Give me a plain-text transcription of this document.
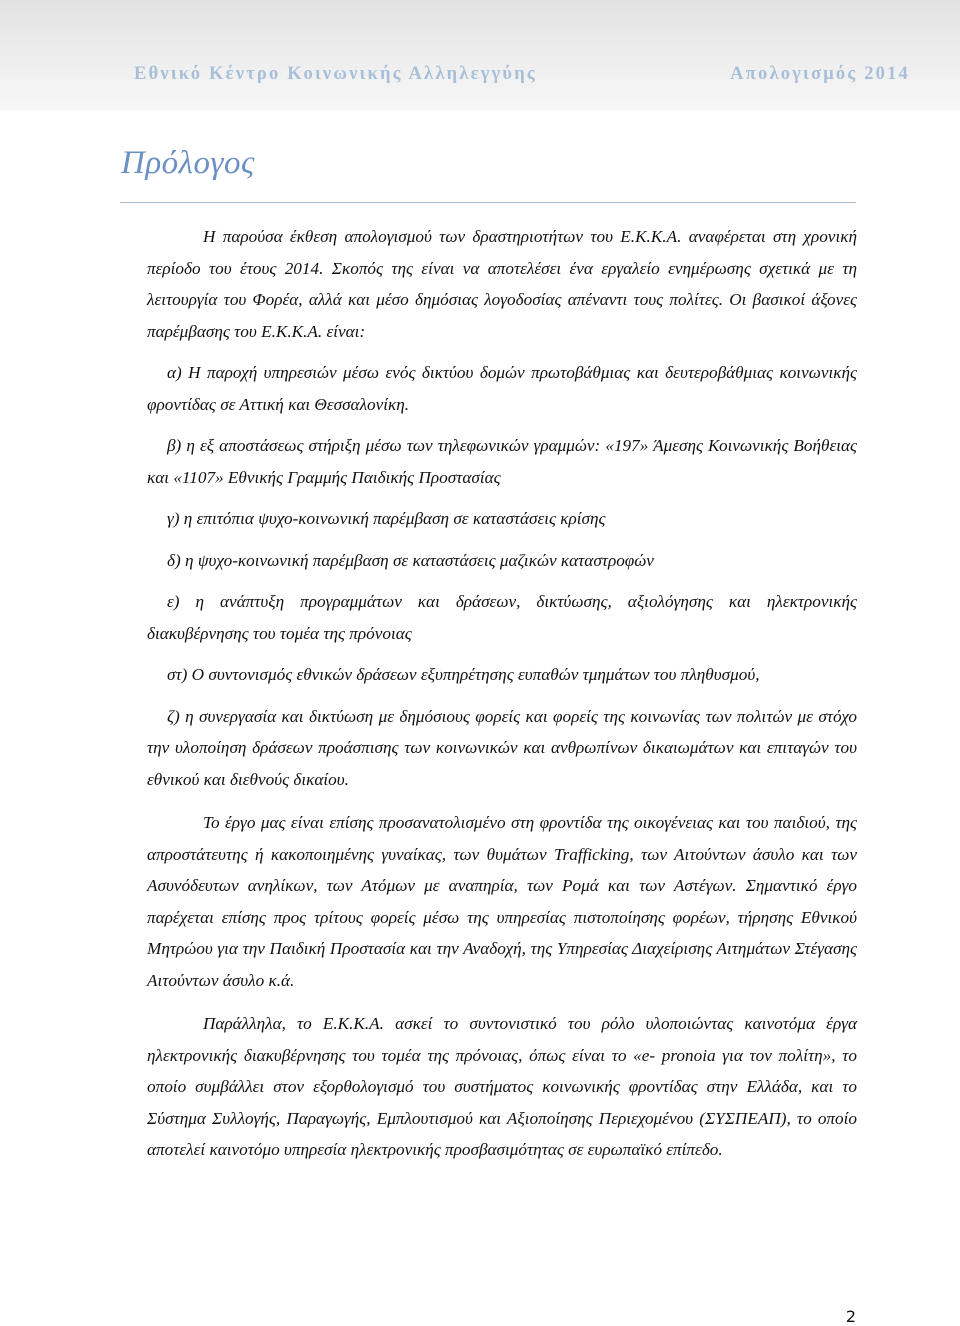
Εθνικό Κέντρο Κοινωνικής Αλληλεγγύης	Απολογισμός 2014
Πρόλογος

Η παρούσα έκθεση απολογισμού των δραστηριοτήτων του Ε.Κ.Κ.Α. αναφέρεται στη χρονική περίοδο του έτους 2014. Σκοπός της είναι να αποτελέσει ένα εργαλείο ενημέρωσης σχετικά με τη λειτουργία του Φορέα, αλλά και μέσο δημόσιας λογοδοσίας απέναντι τους πολίτες. Οι βασικοί άξονες παρέμβασης του Ε.Κ.Κ.Α. είναι:

α) Η παροχή υπηρεσιών μέσω ενός δικτύου δομών πρωτοβάθμιας και δευτεροβάθμιας κοινωνικής φροντίδας σε Αττική και Θεσσαλονίκη.

β) η εξ αποστάσεως στήριξη μέσω των τηλεφωνικών γραμμών: «197» Άμεσης Κοινωνικής Βοήθειας και «1107» Εθνικής Γραμμής Παιδικής Προστασίας

γ) η επιτόπια ψυχο-κοινωνική παρέμβαση σε καταστάσεις κρίσης

δ) η ψυχο-κοινωνική παρέμβαση σε καταστάσεις μαζικών καταστροφών

ε) η ανάπτυξη προγραμμάτων και δράσεων, δικτύωσης, αξιολόγησης και ηλεκτρονικής διακυβέρνησης του τομέα της πρόνοιας

στ) Ο συντονισμός εθνικών δράσεων εξυπηρέτησης ευπαθών τμημάτων του πληθυσμού,

ζ) η συνεργασία και δικτύωση με δημόσιους φορείς και φορείς της κοινωνίας των πολιτών με στόχο την υλοποίηση δράσεων προάσπισης των κοινωνικών και ανθρωπίνων δικαιωμάτων και επιταγών του εθνικού και διεθνούς δικαίου.

Το έργο μας είναι επίσης προσανατολισμένο στη φροντίδα της οικογένειας και του παιδιού, της απροστάτευτης ή κακοποιημένης γυναίκας, των θυμάτων Trafficking, των Αιτούντων άσυλο και των Ασυνόδευτων ανηλίκων, των Ατόμων με αναπηρία, των Ρομά και των Αστέγων. Σημαντικό έργο παρέχεται επίσης προς τρίτους φορείς μέσω της υπηρεσίας πιστοποίησης φορέων, τήρησης Εθνικού Μητρώου για την Παιδική Προστασία και την Αναδοχή, της Υπηρεσίας Διαχείρισης Αιτημάτων Στέγασης Αιτούντων άσυλο κ.ά.

Παράλληλα, το Ε.Κ.Κ.Α. ασκεί το συντονιστικό του ρόλο υλοποιώντας καινοτόμα έργα ηλεκτρονικής διακυβέρνησης του τομέα της πρόνοιας, όπως είναι το «e- pronoia για τον πολίτη», το οποίο συμβάλλει στον εξορθολογισμό του συστήματος κοινωνικής φροντίδας στην Ελλάδα, και το Σύστημα Συλλογής, Παραγωγής, Εμπλουτισμού και Αξιοποίησης Περιεχομένου (ΣΥΣΠΕΑΠ), το οποίο αποτελεί καινοτόμο υπηρεσία ηλεκτρονικής προσβασιμότητας σε ευρωπαϊκό επίπεδο.

2
